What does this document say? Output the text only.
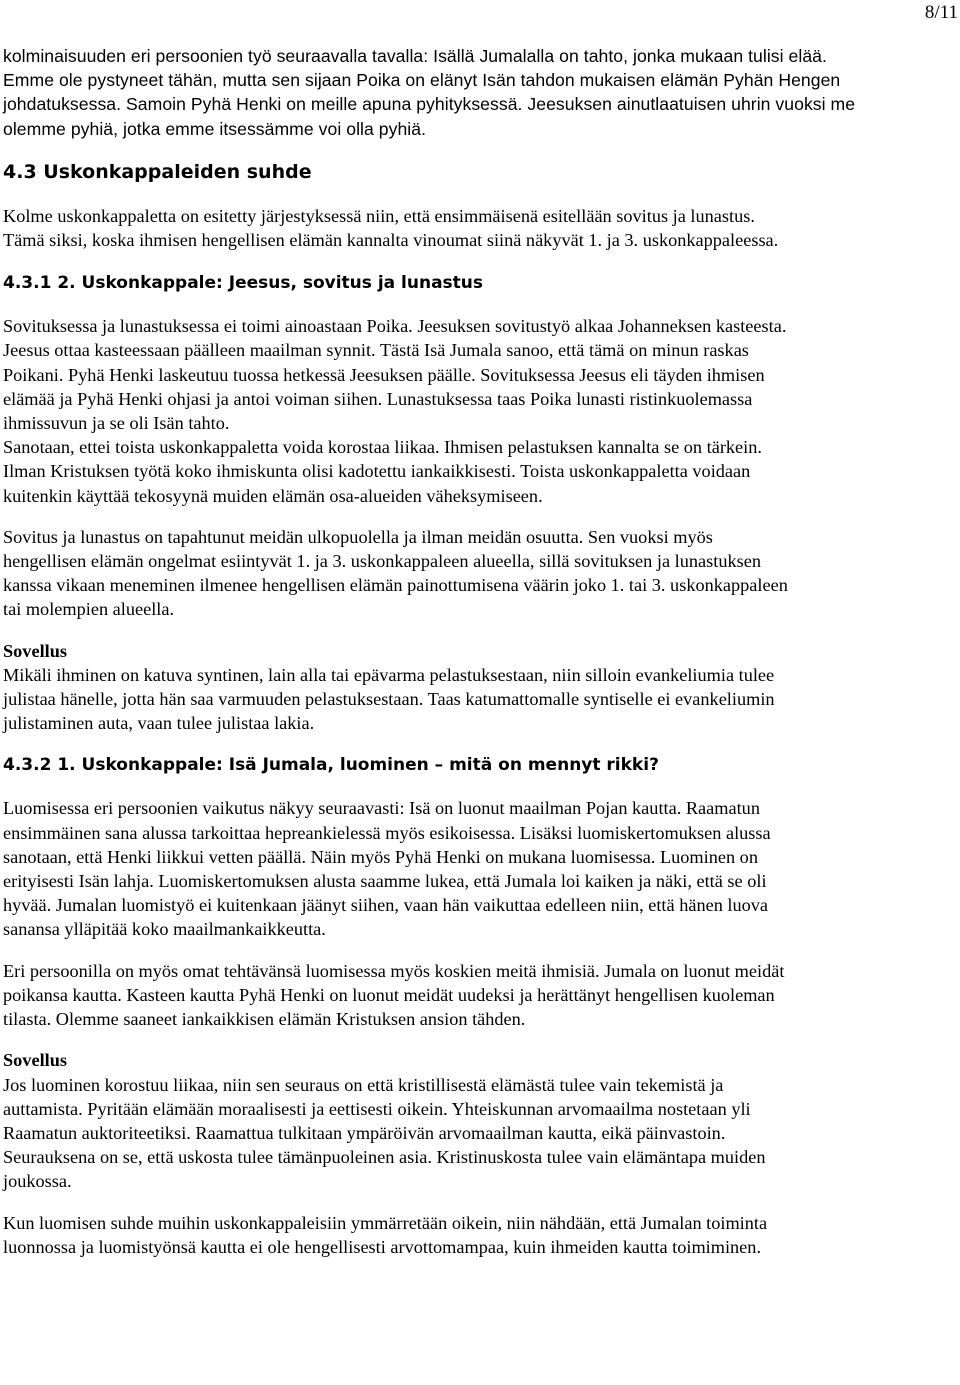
8/11

kolminaisuuden eri persoonien työ seuraavalla tavalla: Isällä Jumalalla on tahto, jonka mukaan tulisi elää.
Emme ole pystyneet tähän, mutta sen sijaan Poika on elänyt Isän tahdon mukaisen elämän Pyhän Hengen
johdatuksessa. Samoin Pyhä Henki on meille apuna pyhityksessä. Jeesuksen ainutlaatuisen uhrin vuoksi me
olemme pyhiä, jotka emme itsessämme voi olla pyhiä.

4.3 Uskonkappaleiden suhde

Kolme uskonkappaletta on esitetty järjestyksessä niin, että ensimmäisenä esitellään sovitus ja lunastus.
Tämä siksi, koska ihmisen hengellisen elämän kannalta vinoumat siinä näkyvät 1. ja 3. uskonkappaleessa.

4.3.1 2. Uskonkappale: Jeesus, sovitus ja lunastus

Sovituksessa ja lunastuksessa ei toimi ainoastaan Poika. Jeesuksen sovitustyö alkaa Johanneksen kasteesta.
Jeesus ottaa kasteessaan päälleen maailman synnit. Tästä Isä Jumala sanoo, että tämä on minun raskas
Poikani. Pyhä Henki laskeutuu tuossa hetkessä Jeesuksen päälle. Sovituksessa Jeesus eli täyden ihmisen
elämää ja Pyhä Henki ohjasi ja antoi voiman siihen. Lunastuksessa taas Poika lunasti ristinkuolemassa
ihmissuvun ja se oli Isän tahto.

Sanotaan, ettei toista uskonkappaletta voida korostaa liikaa. Ihmisen pelastuksen kannalta se on tärkein.
Ilman Kristuksen työtä koko ihmiskunta olisi kadotettu iankaikkisesti. Toista uskonkappaletta voidaan
kuitenkin käyttää tekosyynä muiden elämän osa-alueiden väheksymiseen.

Sovitus ja lunastus on tapahtunut meidän ulkopuolella ja ilman meidän osuutta. Sen vuoksi myös
hengellisen elämän ongelmat esiintyvät 1. ja 3. uskonkappaleen alueella, sillä sovituksen ja lunastuksen
kanssa vikaan meneminen ilmenee hengellisen elämän painottumisena väärin joko 1. tai 3. uskonkappaleen
tai molempien alueella.

Sovellus
Mikäli ihminen on katuva syntinen, lain alla tai epävarma pelastuksestaan, niin silloin evankeliumia tulee
julistaa hänelle, jotta hän saa varmuuden pelastuksestaan. Taas katumattomalle syntiselle ei evankeliumin
julistaminen auta, vaan tulee julistaa lakia.

4.3.2 1. Uskonkappale: Isä Jumala, luominen – mitä on mennyt rikki?

Luomisessa eri persoonien vaikutus näkyy seuraavasti: Isä on luonut maailman Pojan kautta. Raamatun
ensimmäinen sana alussa tarkoittaa hepreankielessä myös esikoisessa. Lisäksi luomiskertomuksen alussa
sanotaan, että Henki liikkui vetten päällä. Näin myös Pyhä Henki on mukana luomisessa. Luominen on
erityisesti Isän lahja. Luomiskertomuksen alusta saamme lukea, että Jumala loi kaiken ja näki, että se oli
hyvää. Jumalan luomistyö ei kuitenkaan jäänyt siihen, vaan hän vaikuttaa edelleen niin, että hänen luova
sanansa ylläpitää koko maailmankaikkeutta.

Eri persoonilla on myös omat tehtävänsä luomisessa myös koskien meitä ihmisiä. Jumala on luonut meidät
poikansa kautta. Kasteen kautta Pyhä Henki on luonut meidät uudeksi ja herättänyt hengellisen kuoleman
tilasta. Olemme saaneet iankaikkisen elämän Kristuksen ansion tähden.

Sovellus
Jos luominen korostuu liikaa, niin sen seuraus on että kristillisestä elämästä tulee vain tekemistä ja
auttamista. Pyritään elämään moraalisesti ja eettisesti oikein. Yhteiskunnan arvomaailma nostetaan yli
Raamatun auktoriteetiksi. Raamattua tulkitaan ympäröivän arvomaailman kautta, eikä päinvastoin.
Seurauksena on se, että uskosta tulee tämänpuoleinen asia. Kristinuskosta tulee vain elämäntapa muiden
joukossa.

Kun luomisen suhde muihin uskonkappaleisiin ymmärretään oikein, niin nähdään, että Jumalan toiminta
luonnossa ja luomistyönsä kautta ei ole hengellisesti arvottomampaa, kuin ihmeiden kautta toimiminen.
